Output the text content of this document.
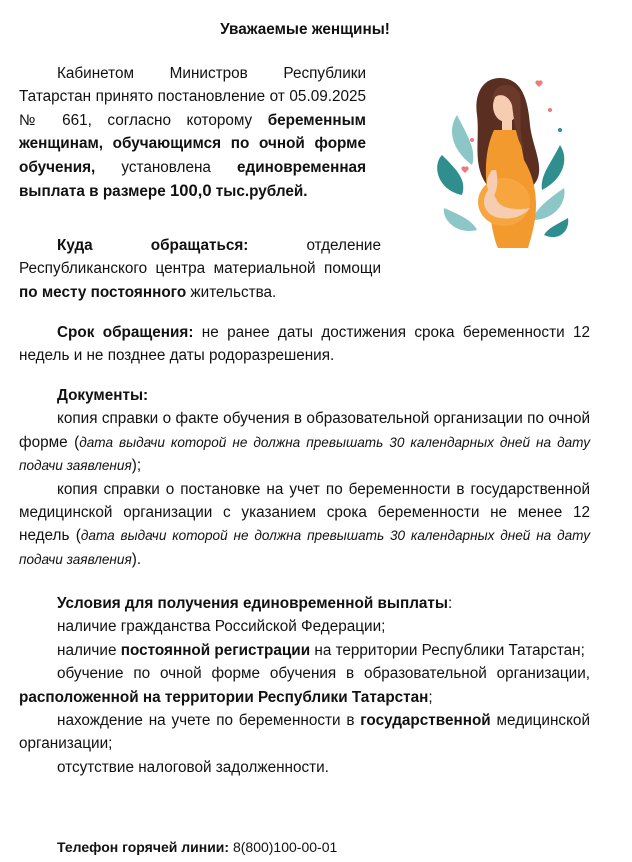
Уважаемые женщины!
Кабинетом Министров Республики Татарстан принято постановление от 05.09.2025 № 661, согласно которому беременным женщинам, обучающимся по очной форме обучения, установлена единовременная выплата в размере 100,0 тыс.рублей.
Куда обращаться: отделение Республиканского центра материальной помощи по месту постоянного жительства.
Срок обращения: не ранее даты достижения срока беременности 12 недель и не позднее даты родоразрешения.

Документы:

копия справки о факте обучения в образовательной организации по очной форме (дата выдачи которой не должна превышать 30 календарных дней на дату подачи заявления);

копия справки о постановке на учет по беременности в государственной медицинской организации с указанием срока беременности не менее 12 недель (дата выдачи которой не должна превышать 30 календарных дней на дату подачи заявления).

Условия для получения единовременной выплаты:

наличие гражданства Российской Федерации;

наличие постоянной регистрации на территории Республики Татарстан;

обучение по очной форме обучения в образовательной организации, расположенной на территории Республики Татарстан;

нахождение на учете по беременности в государственной медицинской организации;

отсутствие налоговой задолженности.

Телефон горячей линии: 8(800)100-00-01
